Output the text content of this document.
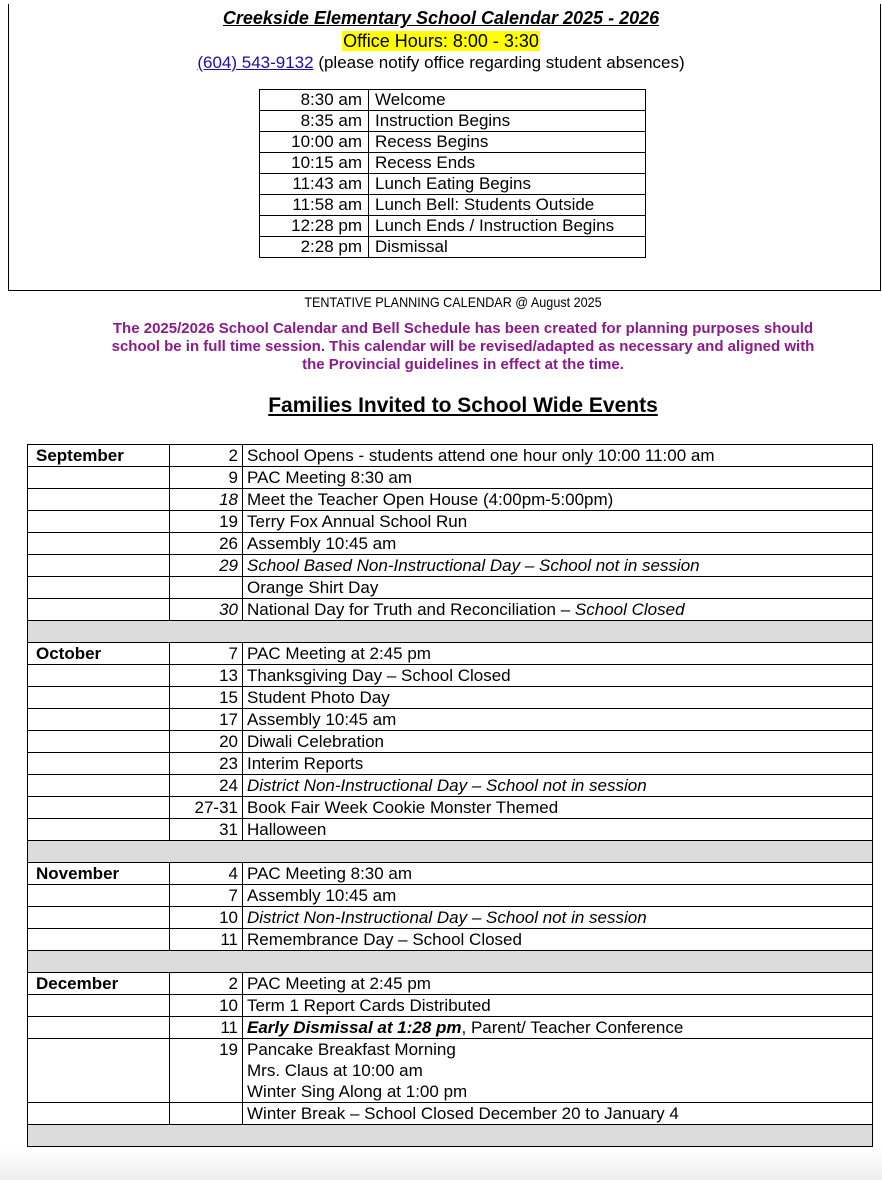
Creekside Elementary School Calendar 2025 - 2026
Office Hours: 8:00 - 3:30
(604) 543-9132 (please notify office regarding student absences)
8:30 am	Welcome
8:35 am	Instruction Begins
10:00 am	Recess Begins
10:15 am	Recess Ends
11:43 am	Lunch Eating Begins
11:58 am	Lunch Bell: Students Outside
12:28 pm	Lunch Ends / Instruction Begins
2:28 pm	Dismissal
TENTATIVE PLANNING CALENDAR @ August 2025
The 2025/2026 School Calendar and Bell Schedule has been created for planning purposes should school be in full time session. This calendar will be revised/adapted as necessary and aligned with the Provincial guidelines in effect at the time.
Families Invited to School Wide Events
September	2	School Opens - students attend one hour only 10:00 11:00 am
	9	PAC Meeting 8:30 am
	18	Meet the Teacher Open House (4:00pm-5:00pm)
	19	Terry Fox Annual School Run
	26	Assembly 10:45 am
	29	School Based Non-Instructional Day – School not in session
		Orange Shirt Day
	30	National Day for Truth and Reconciliation – School Closed

October	7	PAC Meeting at 2:45 pm
	13	Thanksgiving Day – School Closed
	15	Student Photo Day
	17	Assembly 10:45 am
	20	Diwali Celebration
	23	Interim Reports
	24	District Non-Instructional Day – School not in session
	27-31	Book Fair Week Cookie Monster Themed
	31	Halloween

November	4	PAC Meeting 8:30 am
	7	Assembly 10:45 am
	10	District Non-Instructional Day – School not in session
	11	Remembrance Day – School Closed

December	2	PAC Meeting at 2:45 pm
	10	Term 1 Report Cards Distributed
	11	Early Dismissal at 1:28 pm, Parent/ Teacher Conference
	19	Pancake Breakfast Morning
Mrs. Claus at 10:00 am
Winter Sing Along at 1:00 pm

		Winter Break – School Closed December 20 to January 4
